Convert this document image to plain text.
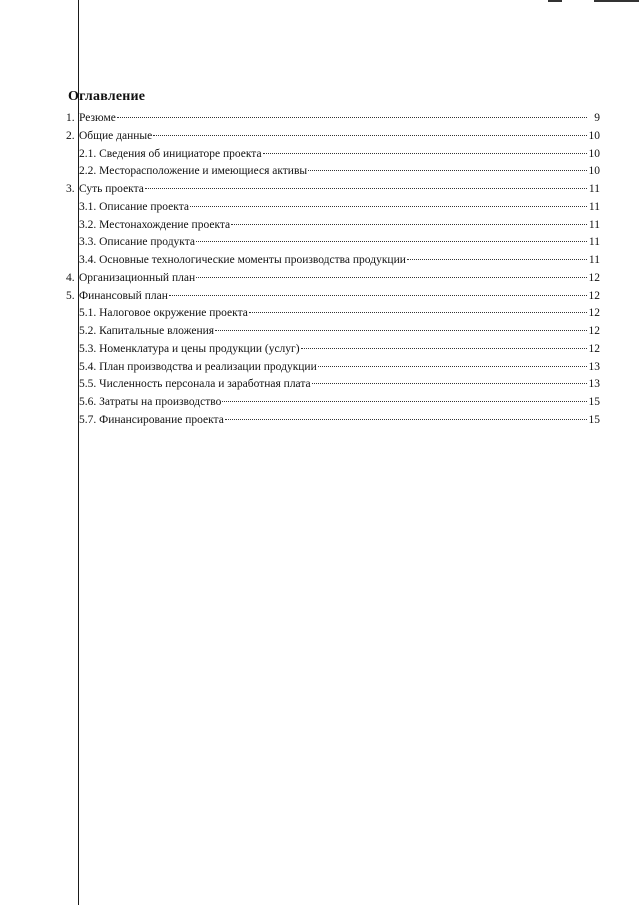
Оглавление
1. Резюме	9
2. Общие данные	10
2.1. Сведения об инициаторе проекта	10
2.2. Месторасположение и имеющиеся активы	10
3. Суть проекта	11
3.1. Описание проекта	11
3.2. Местонахождение проекта	11
3.3. Описание продукта	11
3.4. Основные технологические моменты производства продукции	11
4. Организационный план	12
5. Финансовый план	12
5.1. Налоговое окружение проекта	12
5.2. Капитальные вложения	12
5.3. Номенклатура и цены продукции (услуг)	12
5.4. План производства и реализации продукции	13
5.5. Численность персонала и заработная плата	13
5.6. Затраты на производство	15
5.7. Финансирование проекта	15
